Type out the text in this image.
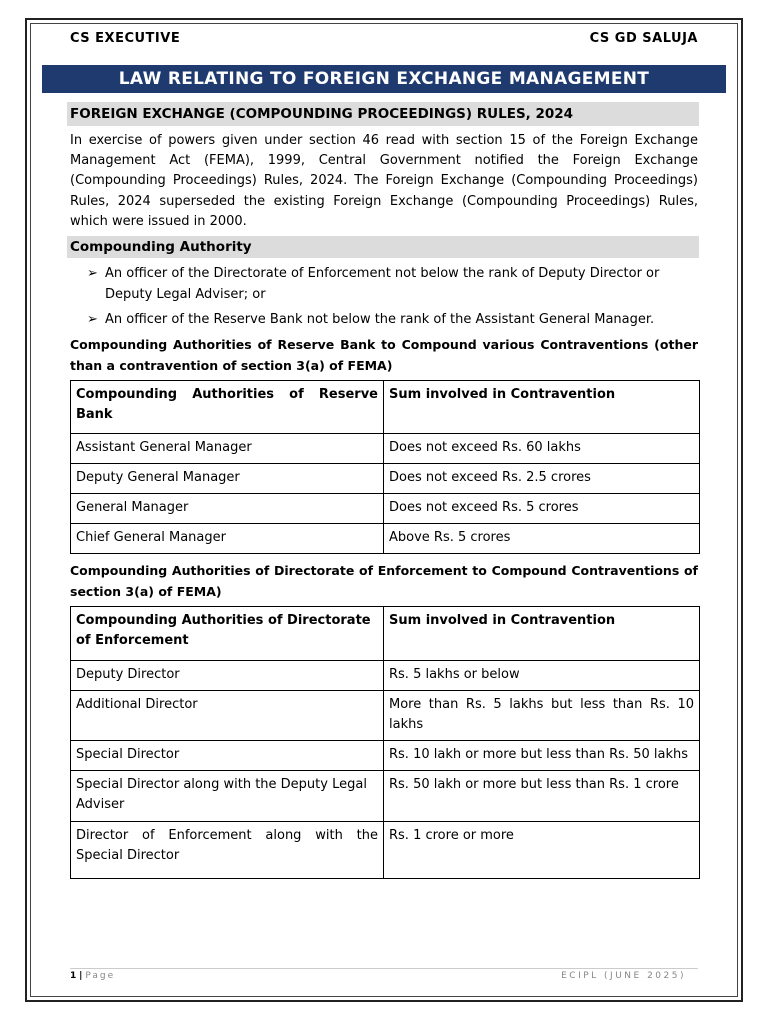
CS EXECUTIVE	CS GD SALUJA
LAW RELATING TO FOREIGN EXCHANGE MANAGEMENT
FOREIGN EXCHANGE (COMPOUNDING PROCEEDINGS) RULES, 2024
In exercise of powers given under section 46 read with section 15 of the Foreign Exchange Management Act (FEMA), 1999, Central Government notified the Foreign Exchange (Compounding Proceedings) Rules, 2024. The Foreign Exchange (Compounding Proceedings) Rules, 2024 superseded the existing Foreign Exchange (Compounding Proceedings) Rules, which were issued in 2000.
Compounding Authority
➢ An officer of the Directorate of Enforcement not below the rank of Deputy Director or Deputy Legal Adviser; or
➢ An officer of the Reserve Bank not below the rank of the Assistant General Manager.
Compounding Authorities of Reserve Bank to Compound various Contraventions (other than a contravention of section 3(a) of FEMA)
Compounding Authorities of Reserve Bank	Sum involved in Contravention
Assistant General Manager	Does not exceed Rs. 60 lakhs
Deputy General Manager	Does not exceed Rs. 2.5 crores
General Manager	Does not exceed Rs. 5 crores
Chief General Manager	Above Rs. 5 crores
Compounding Authorities of Directorate of Enforcement to Compound Contraventions of section 3(a) of FEMA)
Compounding Authorities of Directorate of Enforcement	Sum involved in Contravention
Deputy Director	Rs. 5 lakhs or below
Additional Director	More than Rs. 5 lakhs but less than Rs. 10 lakhs
Special Director	Rs. 10 lakh or more but less than Rs. 50 lakhs
Special Director along with the Deputy Legal Adviser	Rs. 50 lakh or more but less than Rs. 1 crore
Director of Enforcement along with the Special Director	Rs. 1 crore or more
1 | Page	ECIPL (JUNE 2025)
